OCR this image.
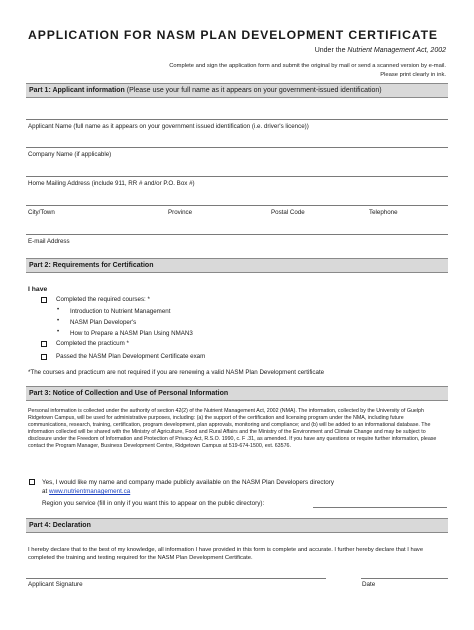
APPLICATION FOR NASM PLAN DEVELOPMENT CERTIFICATE
Under the Nutrient Management Act, 2002
Complete and sign the application form and submit the original by mail or send a scanned version by e-mail.
Please print clearly in ink.
Part 1: Applicant information (Please use your full name as it appears on your government-issued identification)
Applicant Name (full name as it appears on your government issued identification (i.e. driver's licence))
Company Name (if applicable)
Home Mailing Address (include 911, RR # and/or P.O. Box #)
City/Town	Province	Postal Code	Telephone
E-mail Address
Part 2: Requirements for Certification
I have
Completed the required courses: *
• Introduction to Nutrient Management
• NASM Plan Developer's
• How to Prepare a NASM Plan Using NMAN3
Completed the practicum *
Passed the NASM Plan Development Certificate exam
*The courses and practicum are not required if you are renewing a valid NASM Plan Development certificate
Part 3: Notice of Collection and Use of Personal Information
Personal information is collected under the authority of section 42(2) of the Nutrient Management Act, 2002 (NMA). The information, collected by the University of Guelph Ridgetown Campus, will be used for administrative purposes, including: (a) the support of the certification and licensing program under the NMA, including future communications, research, training, certification, program development, plan approvals, monitoring and compliance; and (b) will be added to an informational database. The information collected will be shared with the Ministry of Agriculture, Food and Rural Affairs and the Ministry of the Environment and Climate Change and may be subject to disclosure under the Freedom of Information and Protection of Privacy Act, R.S.O. 1990, c. F .31, as amended. If you have any questions or require further information, please contact the Program Manager, Business Development Centre, Ridgetown Campus at 519-674-1500, ext. 63576.
Yes, I would like my name and company made publicly available on the NASM Plan Developers directory
at www.nutrientmanagement.ca
Region you service (fill in only if you want this to appear on the public directory):
Part 4: Declaration
I hereby declare that to the best of my knowledge, all information I have provided in this form is complete and accurate. I further hereby declare that I have completed the training and testing required for the NASM Plan Development Certificate.
Applicant Signature	Date
